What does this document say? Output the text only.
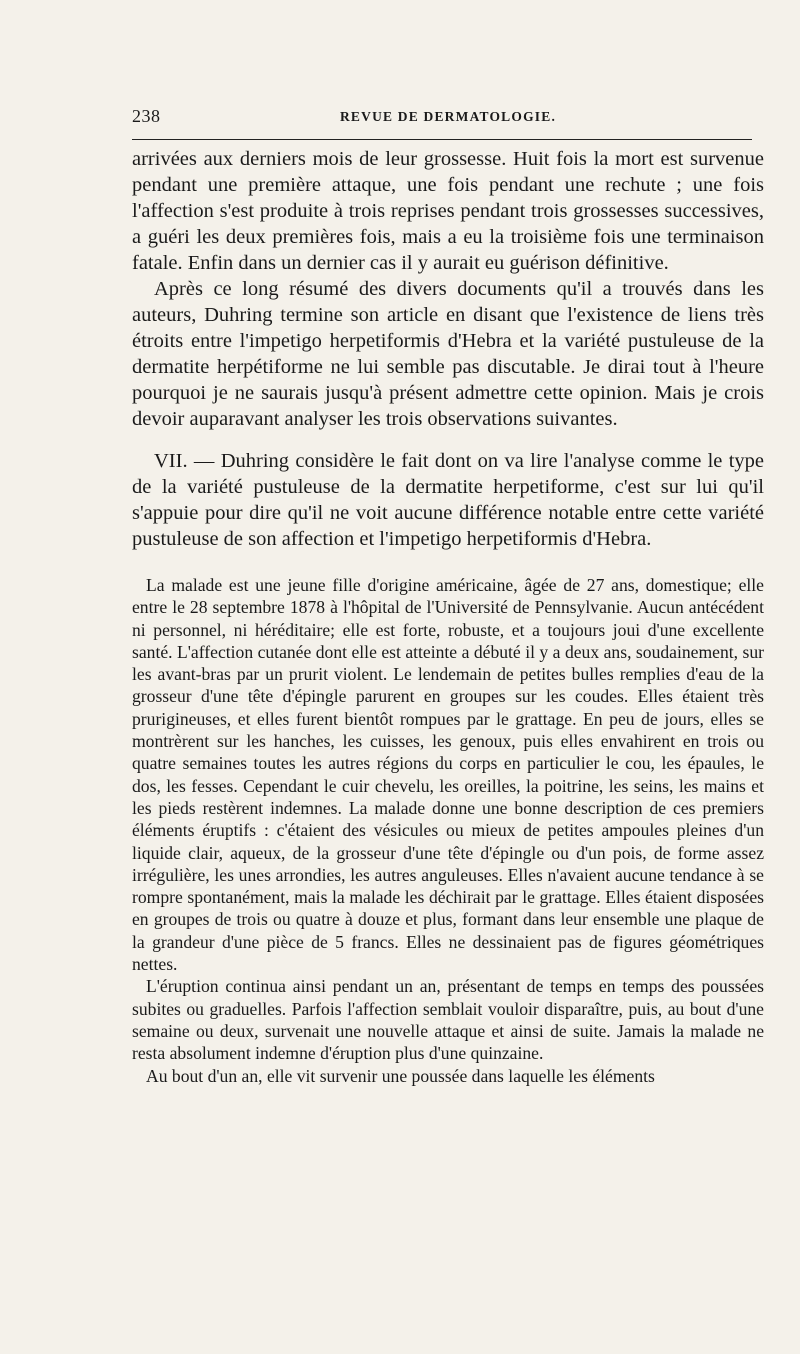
238	REVUE DE DERMATOLOGIE.

arrivées aux derniers mois de leur grossesse. Huit fois la mort est survenue pendant une première attaque, une fois pendant une rechute ; une fois l'affection s'est produite à trois reprises pendant trois grossesses successives, a guéri les deux premières fois, mais a eu la troisième fois une terminaison fatale. Enfin dans un dernier cas il y aurait eu guérison définitive.

Après ce long résumé des divers documents qu'il a trouvés dans les auteurs, Duhring termine son article en disant que l'existence de liens très étroits entre l'impetigo herpetiformis d'Hebra et la variété pustuleuse de la dermatite herpétiforme ne lui semble pas discutable. Je dirai tout à l'heure pourquoi je ne saurais jusqu'à présent admettre cette opinion. Mais je crois devoir auparavant analyser les trois observations suivantes.

VII. — Duhring considère le fait dont on va lire l'analyse comme le type de la variété pustuleuse de la dermatite herpetiforme, c'est sur lui qu'il s'appuie pour dire qu'il ne voit aucune différence notable entre cette variété pustuleuse de son affection et l'impetigo herpetiformis d'Hebra.

La malade est une jeune fille d'origine américaine, âgée de 27 ans, domestique; elle entre le 28 septembre 1878 à l'hôpital de l'Université de Pennsylvanie. Aucun antécédent ni personnel, ni héréditaire; elle est forte, robuste, et a toujours joui d'une excellente santé. L'affection cutanée dont elle est atteinte a débuté il y a deux ans, soudainement, sur les avant-bras par un prurit violent. Le lendemain de petites bulles remplies d'eau de la grosseur d'une tête d'épingle parurent en groupes sur les coudes. Elles étaient très prurigineuses, et elles furent bientôt rompues par le grattage. En peu de jours, elles se montrèrent sur les hanches, les cuisses, les genoux, puis elles envahirent en trois ou quatre semaines toutes les autres régions du corps en particulier le cou, les épaules, le dos, les fesses. Cependant le cuir chevelu, les oreilles, la poitrine, les seins, les mains et les pieds restèrent indemnes. La malade donne une bonne description de ces premiers éléments éruptifs : c'étaient des vésicules ou mieux de petites ampoules pleines d'un liquide clair, aqueux, de la grosseur d'une tête d'épingle ou d'un pois, de forme assez irrégulière, les unes arrondies, les autres anguleuses. Elles n'avaient aucune tendance à se rompre spontanément, mais la malade les déchirait par le grattage. Elles étaient disposées en groupes de trois ou quatre à douze et plus, formant dans leur ensemble une plaque de la grandeur d'une pièce de 5 francs. Elles ne dessinaient pas de figures géométriques nettes.

L'éruption continua ainsi pendant un an, présentant de temps en temps des poussées subites ou graduelles. Parfois l'affection semblait vouloir disparaître, puis, au bout d'une semaine ou deux, survenait une nouvelle attaque et ainsi de suite. Jamais la malade ne resta absolument indemne d'éruption plus d'une quinzaine.

Au bout d'un an, elle vit survenir une poussée dans laquelle les éléments
